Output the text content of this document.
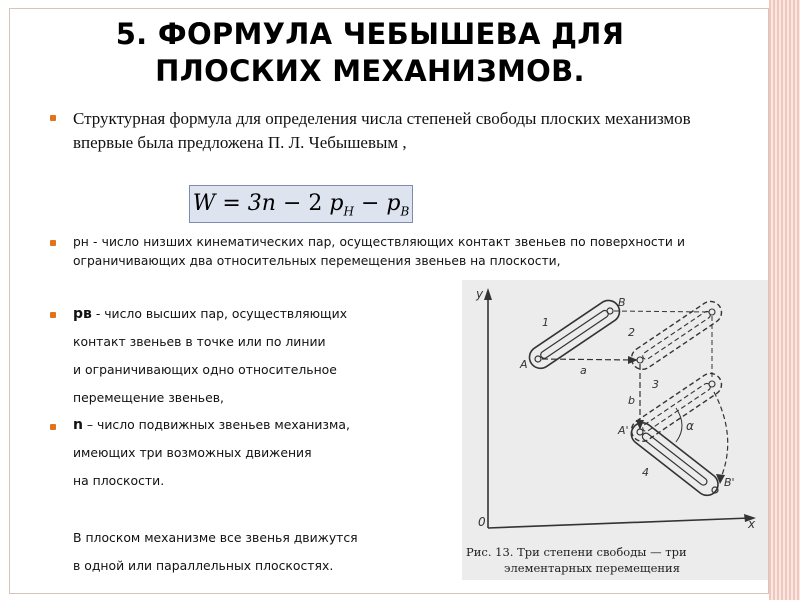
5. ФОРМУЛА ЧЕБЫШЕВА ДЛЯ
ПЛОСКИХ МЕХАНИЗМОВ.
Структурная формула для определения числа степеней свободы плоских механизмов впервые была предложена П. Л. Чебышевым ,
W = 3n − 2 $p_H - p_B$
рн - число низших кинематических пар, осуществляющих контакт звеньев по поверхности и ограничивающих два относительных перемещения звеньев на плоскости,
рв - число высших пар, осуществляющих
контакт звеньев в точке или по линии
и ограничивающих одно относительное
перемещение звеньев,
n – число подвижных звеньев механизма,
имеющих три возможных движения
на плоскости.
В плоском механизме все звенья движутся
в одной или параллельных плоскостях.
y
x
0
A
B
1
2
3
4
a
b
A'
B'
α
Рис. 13. Три степени свободы — три
элементарных перемещения
